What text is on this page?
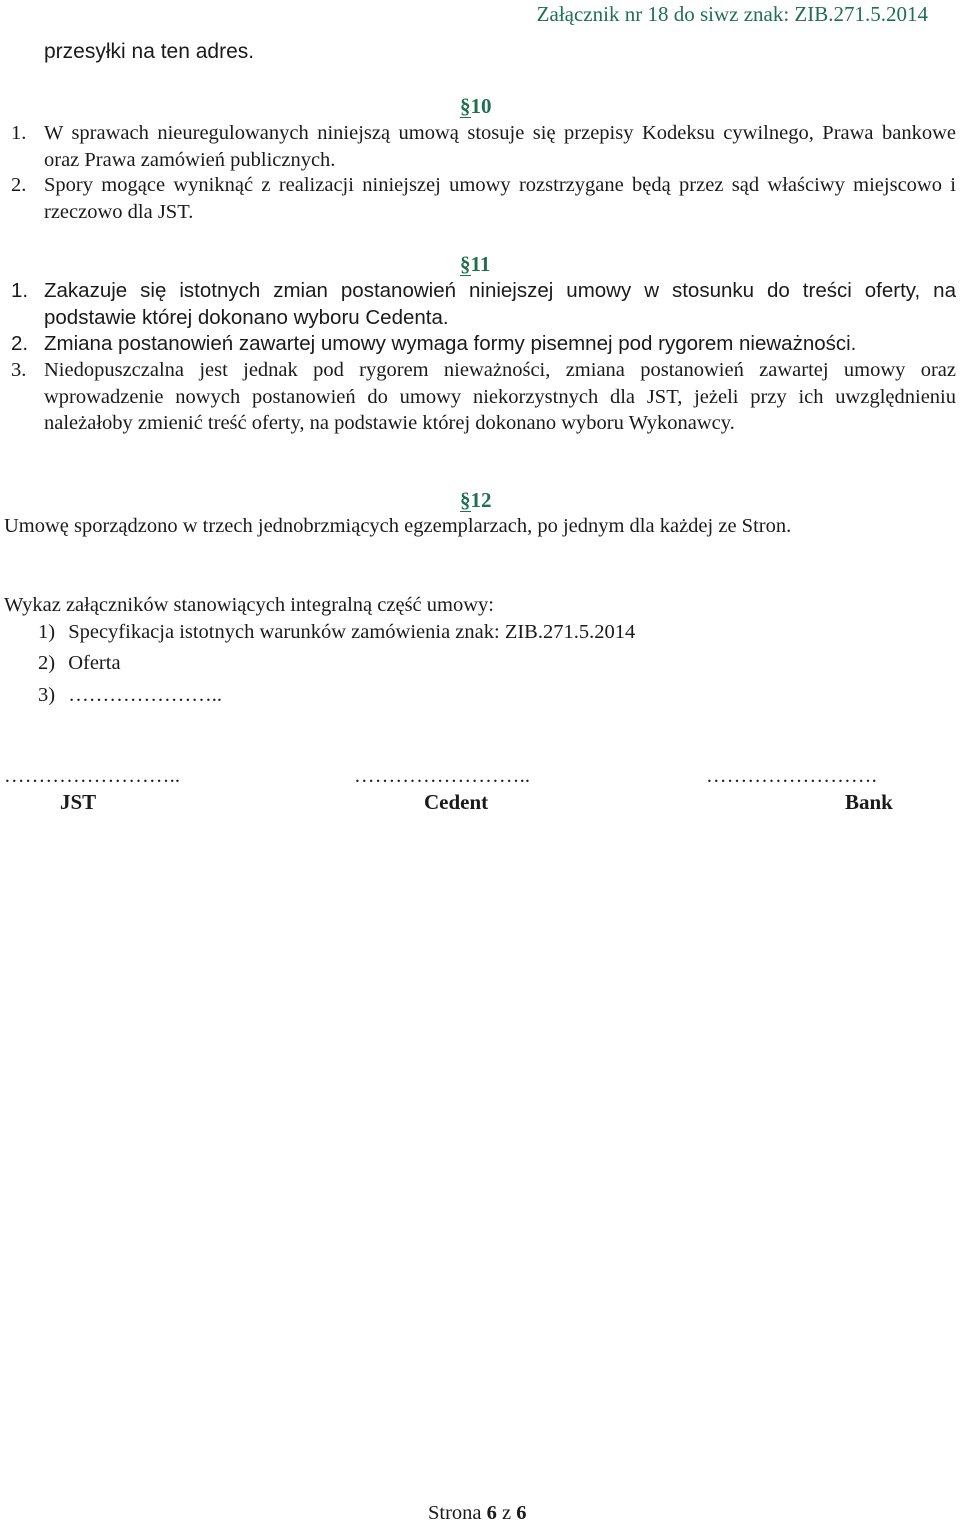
Załącznik nr 18 do siwz znak: ZIB.271.5.2014
przesyłki na ten adres.
§10
1. W sprawach nieuregulowanych niniejszą umową stosuje się przepisy Kodeksu cywilnego, Prawa bankowe oraz Prawa zamówień publicznych.
2. Spory mogące wyniknąć z realizacji niniejszej umowy rozstrzygane będą przez sąd właściwy miejscowo i rzeczowo dla JST.
§11
1. Zakazuje się istotnych zmian postanowień niniejszej umowy w stosunku do treści oferty, na podstawie której dokonano wyboru Cedenta.
2. Zmiana postanowień zawartej umowy wymaga formy pisemnej pod rygorem nieważności.
3. Niedopuszczalna jest jednak pod rygorem nieważności, zmiana postanowień zawartej umowy oraz wprowadzenie nowych postanowień do umowy niekorzystnych dla JST, jeżeli przy ich uwzględnieniu należałoby zmienić treść oferty, na podstawie której dokonano wyboru Wykonawcy.
§12
Umowę sporządzono w trzech jednobrzmiących egzemplarzach, po jednym dla każdej ze Stron.
Wykaz załączników stanowiących integralną część umowy:
1) Specyfikacja istotnych warunków zamówienia znak: ZIB.271.5.2014
2) Oferta
3) …………………..
……………………..
JST
……………………..
Cedent
…………………….
Bank
Strona 6 z 6
